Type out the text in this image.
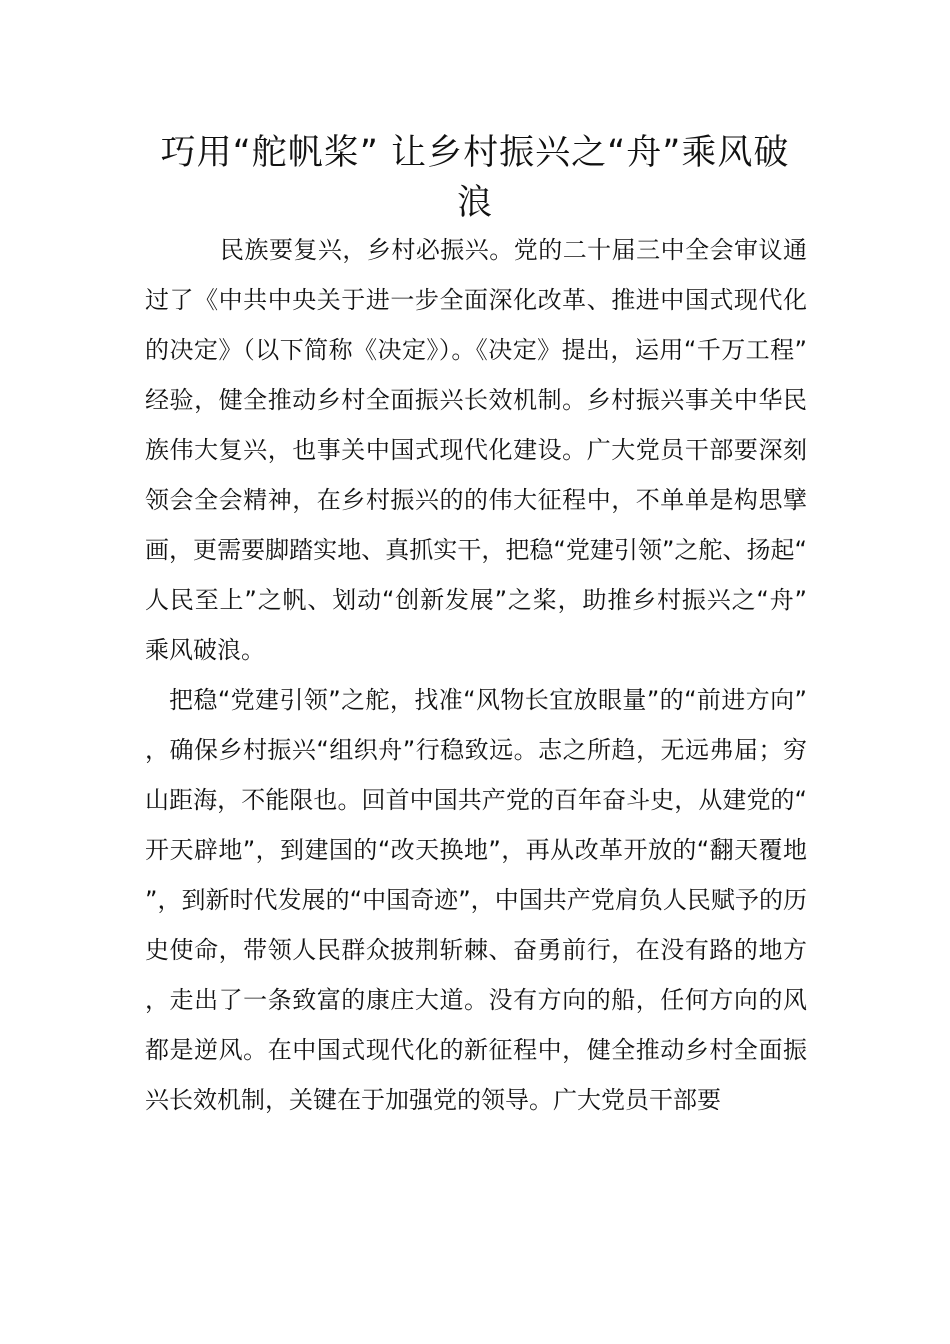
巧用“舵帆桨” 让乡村振兴之“舟”乘风破浪

民族要复兴，乡村必振兴。党的二十届三中全会审议通过了《中共中央关于进一步全面深化改革、推进中国式现代化的决定》（以下简称《决定》）。《决定》提出，运用“千万工程”经验，健全推动乡村全面振兴长效机制。乡村振兴事关中华民族伟大复兴，也事关中国式现代化建设。广大党员干部要深刻领会全会精神，在乡村振兴的的伟大征程中，不单单是构思擘画，更需要脚踏实地、真抓实干，把稳“党建引领”之舵、扬起“人民至上”之帆、划动“创新发展”之桨，助推乡村振兴之“舟”乘风破浪。

把稳“党建引领”之舵，找准“风物长宜放眼量”的“前进方向”，确保乡村振兴“组织舟”行稳致远。志之所趋，无远弗届；穷山距海，不能限也。回首中国共产党的百年奋斗史，从建党的“开天辟地”，到建国的“改天换地”，再从改革开放的“翻天覆地”，到新时代发展的“中国奇迹”，中国共产党肩负人民赋予的历史使命，带领人民群众披荆斩棘、奋勇前行，在没有路的地方，走出了一条致富的康庄大道。没有方向的船，任何方向的风都是逆风。在中国式现代化的新征程中，健全推动乡村全面振兴长效机制，关键在于加强党的领导。广大党员干部要
